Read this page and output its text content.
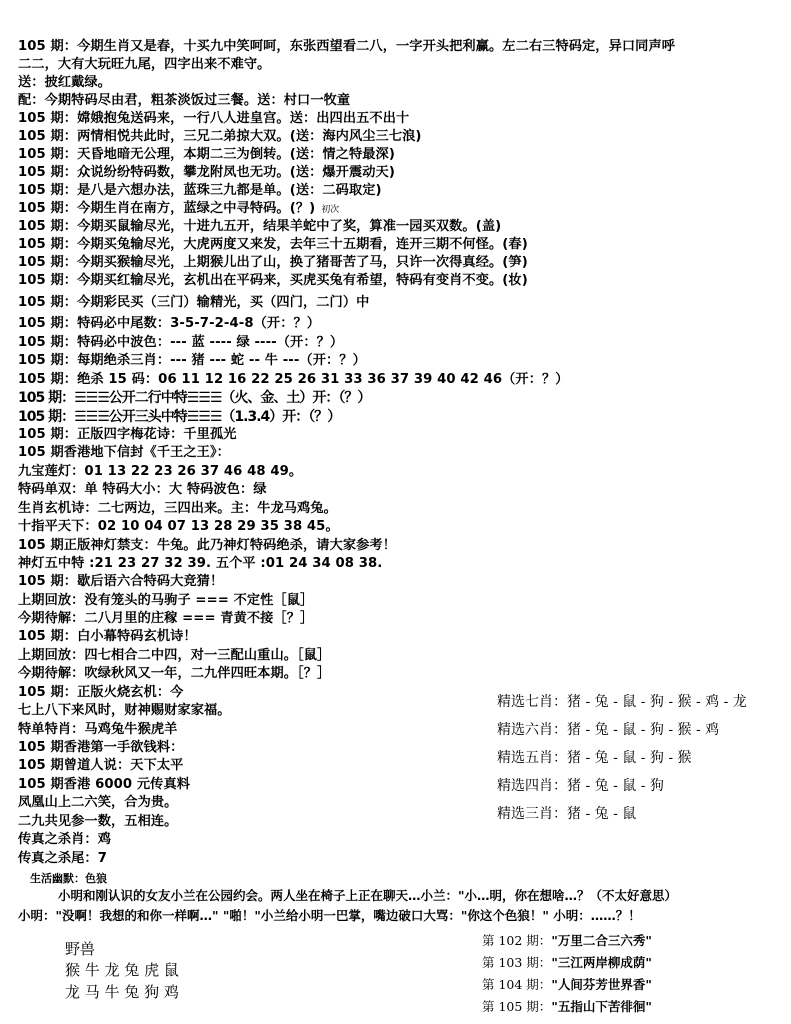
105 期：今期生肖又是春，十买九中笑呵呵，东张西望看二八，一字开头把利赢。左二右三特码定，异口同声呼
二二，大有大玩旺九尾，四字出来不难守。
送：披红戴绿。
配：今期特码尽由君，粗茶淡饭过三餐。送：村口一牧童
105 期：嫦娥抱兔送码来，一行八人进皇宫。送：出四出五不出十
105 期：两情相悦共此时，三兄二弟掠大双。(送：海内风尘三七浪)
105 期：天昏地暗无公理，本期二三为倒转。(送：情之特最深)
105 期：众说纷纷特码数，攀龙附凤也无功。(送：爆开震动天)
105 期：是八是六想办法，蓝珠三九都是单。(送：二码取定)
105 期：今期生肖在南方，蓝绿之中寻特码。(？) 初次
105 期：今期买鼠输尽光，十进九五开，结果羊蛇中了奖，算准一园买双数。(盖)
105 期：今期买兔输尽光，大虎两度又来发，去年三十五期看，连开三期不何怪。(春)
105 期：今期买猴输尽光，上期猴儿出了山，换了猪哥苦了马，只许一次得真经。(笋)
105 期：今期买红输尽光，玄机出在平码来，买虎买兔有希望，特码有变肖不变。(妆)
105 期：今期彩民买（三门）输精光，买（四门，二门）中
105 期：特码必中尾数：3-5-7-2-4-8（开：？）
105 期：特码必中波色：--- 蓝 ---- 绿 ----（开：？）
105 期：每期绝杀三肖：--- 猪 --- 蛇 -- 牛 ---（开：？）
105 期：绝杀 15 码：06 11 12 16 22 25 26 31 33 36 37 39 40 42 46（开：？）
105 期：☰☰☰公开二行中特☰☰☰（火、金、土）开：（？）
105 期：☰☰☰公开三头中特☰☰☰（1.3.4）开：（？）
105 期：正版四字梅花诗：千里孤光
105 期香港地下信封《千王之王》：
九宝莲灯：01 13 22 23 26 37 46 48 49。
特码单双：单 特码大小：大 特码波色：绿
生肖玄机诗：二七两边，三四出来。主：牛龙马鸡兔。
十指平天下：02 10 04 07 13 28 29 35 38 45。
105 期正版神灯禁支：牛兔。此乃神灯特码绝杀，请大家参考！
神灯五中特 :21 23 27 32 39. 五个平 :01 24 34 08 38.
105 期：歇后语六合特码大竞猜！
上期回放：没有笼头的马驹子 === 不定性［鼠］
今期待解：二八月里的庄稼 === 青黄不接［？］
105 期：白小幕特码玄机诗！
上期回放：四七相合二中四，对一三配山重山。［鼠］
今期待解：吹绿秋风又一年，二九伴四旺本期。［？］
105 期：正版火烧玄机：今
七上八下来风时，财神赐财家家福。
特单特肖：马鸡兔牛猴虎羊
105 期香港第一手欲钱料：
105 期曾道人说：天下太平
105 期香港 6000 元传真料
凤凰山上二六笑，合为贵。
二九共见参一数，五相连。
传真之杀肖：鸡
传真之杀尾：7
精选七肖：猪 - 兔 - 鼠 - 狗 - 猴 - 鸡 - 龙
精选六肖：猪 - 兔 - 鼠 - 狗 - 猴 - 鸡
精选五肖：猪 - 兔 - 鼠 - 狗 - 猴
精选四肖：猪 - 兔 - 鼠 - 狗
精选三肖：猪 - 兔 - 鼠
生活幽默：色狼
小明和刚认识的女友小兰在公园约会。两人坐在椅子上正在聊天…小兰："小…明，你在想啥…？（不太好意思）
小明："没啊！我想的和你一样啊…" "啪！"小兰给小明一巴掌，嘴边破口大骂："你这个色狼！" 小明：……？！
野兽
猴 牛 龙 兔 虎 鼠
龙 马 牛 兔 狗 鸡
第 102 期："万里二合三六秀"
第 103 期："三江两岸柳成荫"
第 104 期："人间芬芳世界香"
第 105 期："五指山下苦徘徊"
